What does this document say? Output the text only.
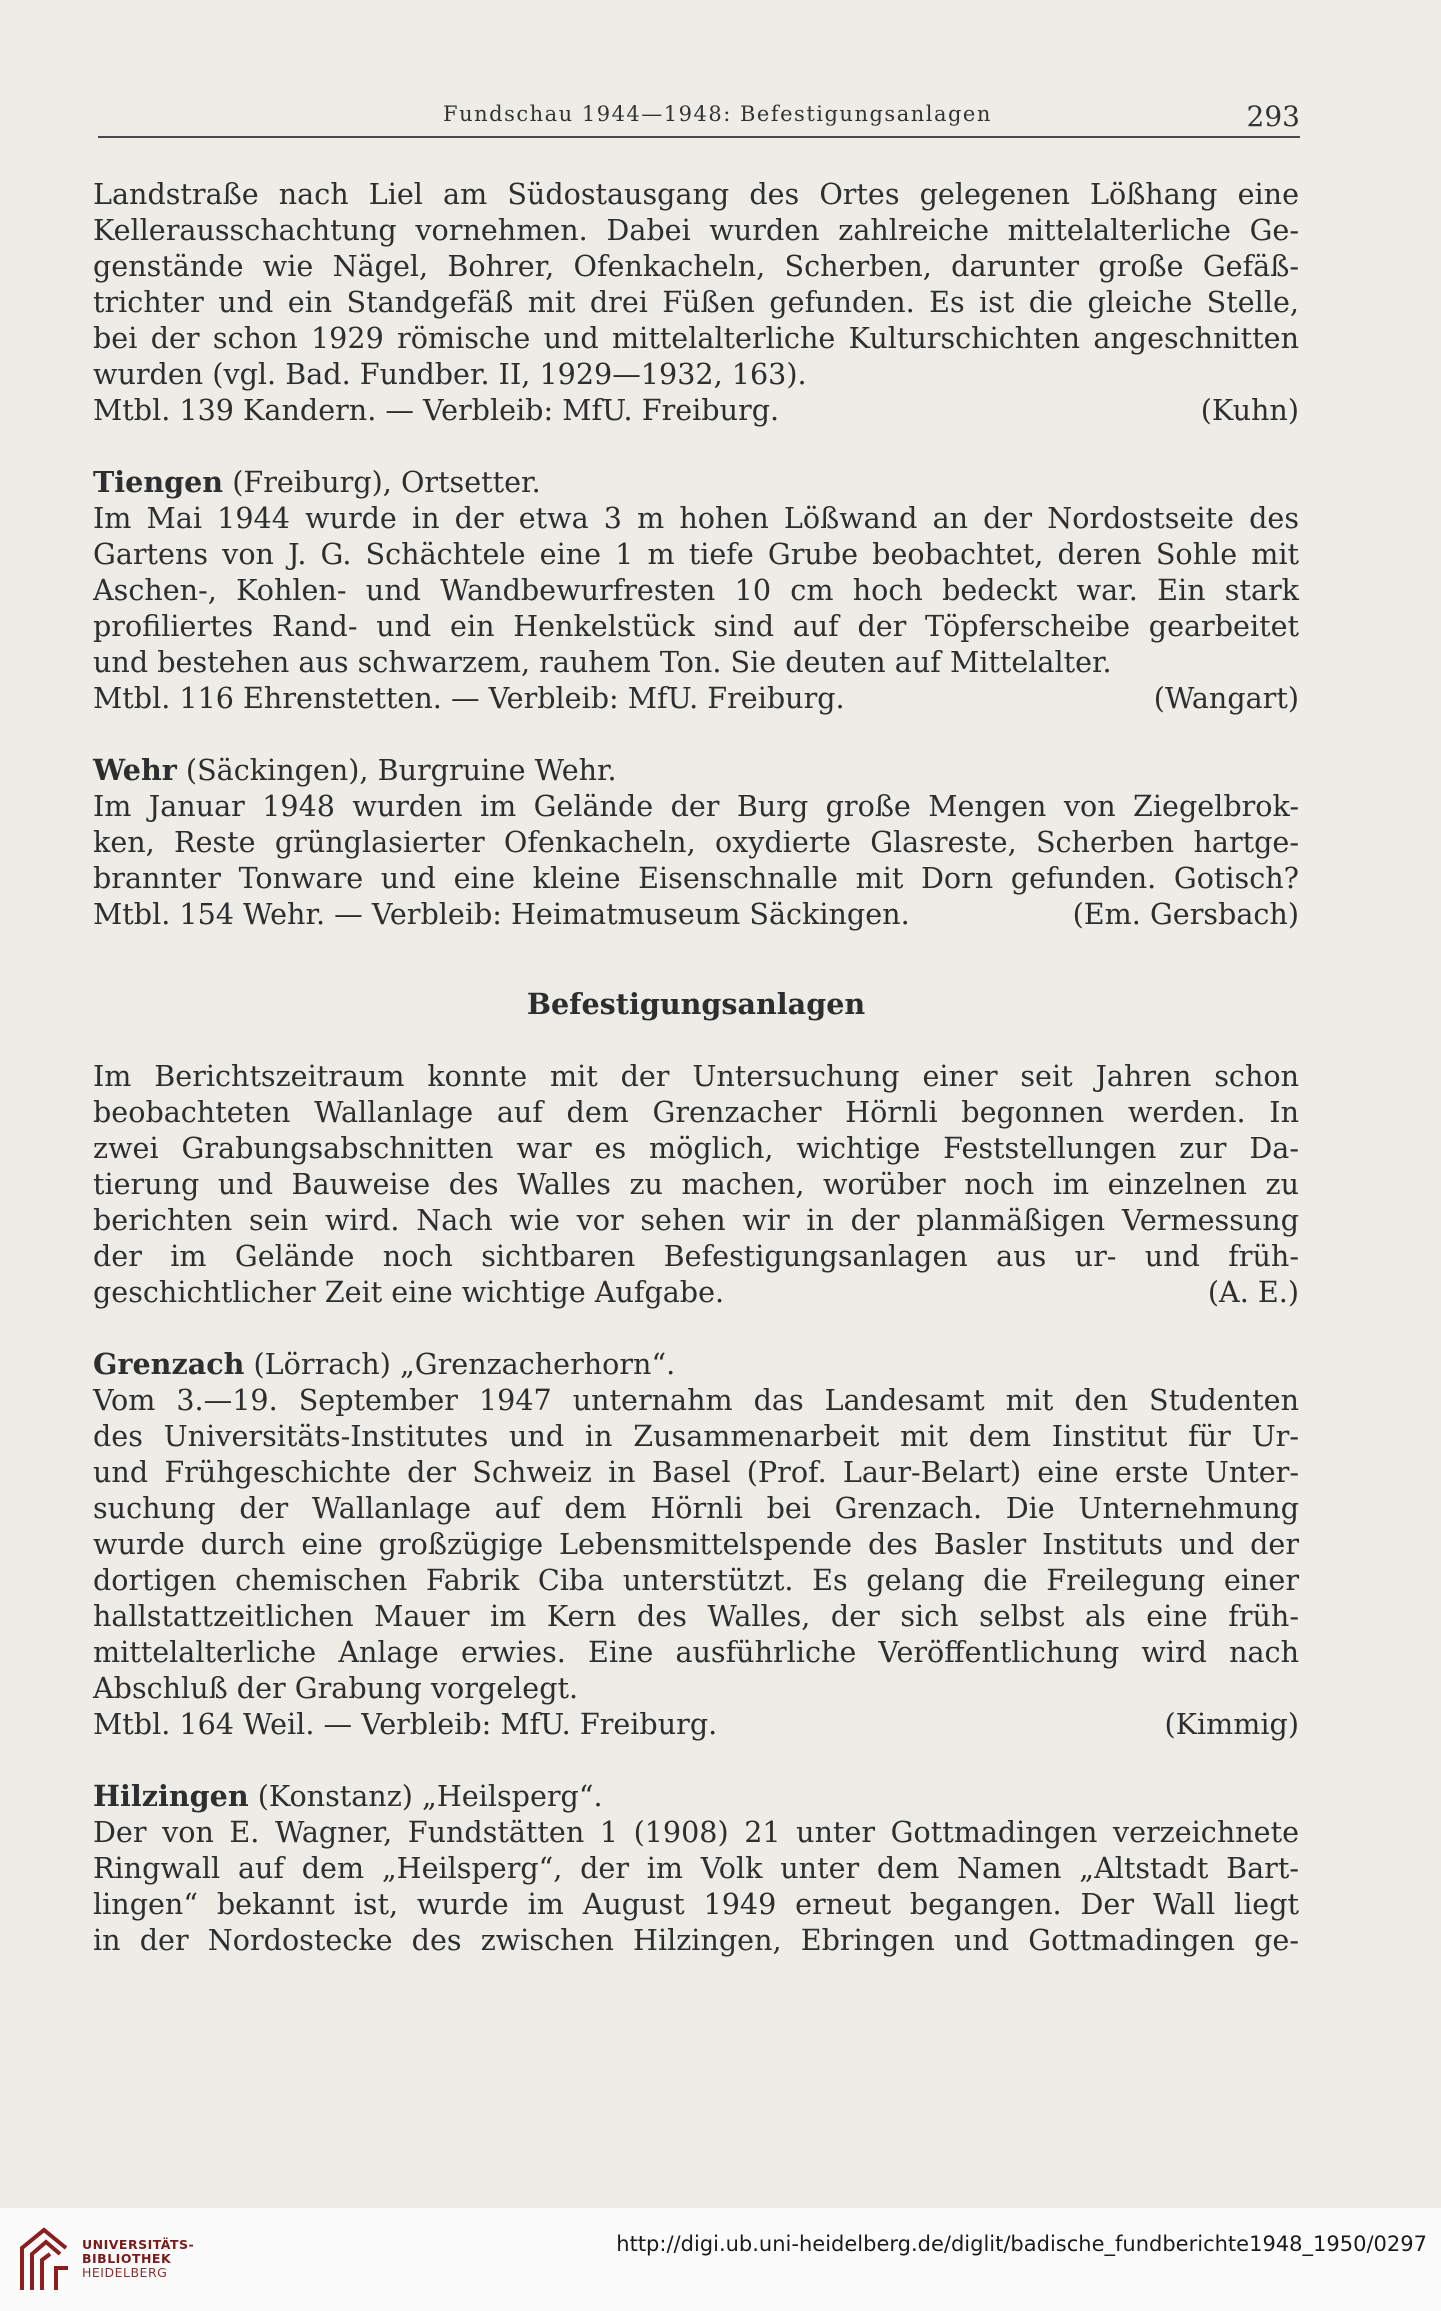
Fundschau 1944—1948: Befestigungsanlagen	293
Landstraße nach Liel am Südostausgang des Ortes gelegenen Lößhang eine
Kellerausschachtung vornehmen. Dabei wurden zahlreiche mittelalterliche Ge-
genstände wie Nägel, Bohrer, Ofenkacheln, Scherben, darunter große Gefäß-
trichter und ein Standgefäß mit drei Füßen gefunden. Es ist die gleiche Stelle,
bei der schon 1929 römische und mittelalterliche Kulturschichten angeschnitten
wurden (vgl. Bad. Fundber. II, 1929—1932, 163).
Mtbl. 139 Kandern. — Verbleib: MfU. Freiburg.	(Kuhn)
Tiengen (Freiburg), Ortsetter.
Im Mai 1944 wurde in der etwa 3 m hohen Lößwand an der Nordostseite des
Gartens von J. G. Schächtele eine 1 m tiefe Grube beobachtet, deren Sohle mit
Aschen-, Kohlen- und Wandbewurfresten 10 cm hoch bedeckt war. Ein stark
profiliertes Rand- und ein Henkelstück sind auf der Töpferscheibe gearbeitet
und bestehen aus schwarzem, rauhem Ton. Sie deuten auf Mittelalter.
Mtbl. 116 Ehrenstetten. — Verbleib: MfU. Freiburg.	(Wangart)
Wehr (Säckingen), Burgruine Wehr.
Im Januar 1948 wurden im Gelände der Burg große Mengen von Ziegelbrok-
ken, Reste grünglasierter Ofenkacheln, oxydierte Glasreste, Scherben hartge-
brannter Tonware und eine kleine Eisenschnalle mit Dorn gefunden. Gotisch?
Mtbl. 154 Wehr. — Verbleib: Heimatmuseum Säckingen.	(Em. Gersbach)
Befestigungsanlagen
Im Berichtszeitraum konnte mit der Untersuchung einer seit Jahren schon
beobachteten Wallanlage auf dem Grenzacher Hörnli begonnen werden. In
zwei Grabungsabschnitten war es möglich, wichtige Feststellungen zur Da-
tierung und Bauweise des Walles zu machen, worüber noch im einzelnen zu
berichten sein wird. Nach wie vor sehen wir in der planmäßigen Vermessung
der im Gelände noch sichtbaren Befestigungsanlagen aus ur- und früh-
geschichtlicher Zeit eine wichtige Aufgabe.	(A. E.)
Grenzach (Lörrach) „Grenzacherhorn“.
Vom 3.—19. September 1947 unternahm das Landesamt mit den Studenten
des Universitäts-Institutes und in Zusammenarbeit mit dem Iinstitut für Ur-
und Frühgeschichte der Schweiz in Basel (Prof. Laur-Belart) eine erste Unter-
suchung der Wallanlage auf dem Hörnli bei Grenzach. Die Unternehmung
wurde durch eine großzügige Lebensmittelspende des Basler Instituts und der
dortigen chemischen Fabrik Ciba unterstützt. Es gelang die Freilegung einer
hallstattzeitlichen Mauer im Kern des Walles, der sich selbst als eine früh-
mittelalterliche Anlage erwies. Eine ausführliche Veröffentlichung wird nach
Abschluß der Grabung vorgelegt.
Mtbl. 164 Weil. — Verbleib: MfU. Freiburg.	(Kimmig)
Hilzingen (Konstanz) „Heilsperg“.
Der von E. Wagner, Fundstätten 1 (1908) 21 unter Gottmadingen verzeichnete
Ringwall auf dem „Heilsperg“, der im Volk unter dem Namen „Altstadt Bart-
lingen“ bekannt ist, wurde im August 1949 erneut begangen. Der Wall liegt
in der Nordostecke des zwischen Hilzingen, Ebringen und Gottmadingen ge-
UNIVERSITÄTS-
BIBLIOTHEK
HEIDELBERG
http://digi.ub.uni-heidelberg.de/diglit/badische_fundberichte1948_1950/0297
